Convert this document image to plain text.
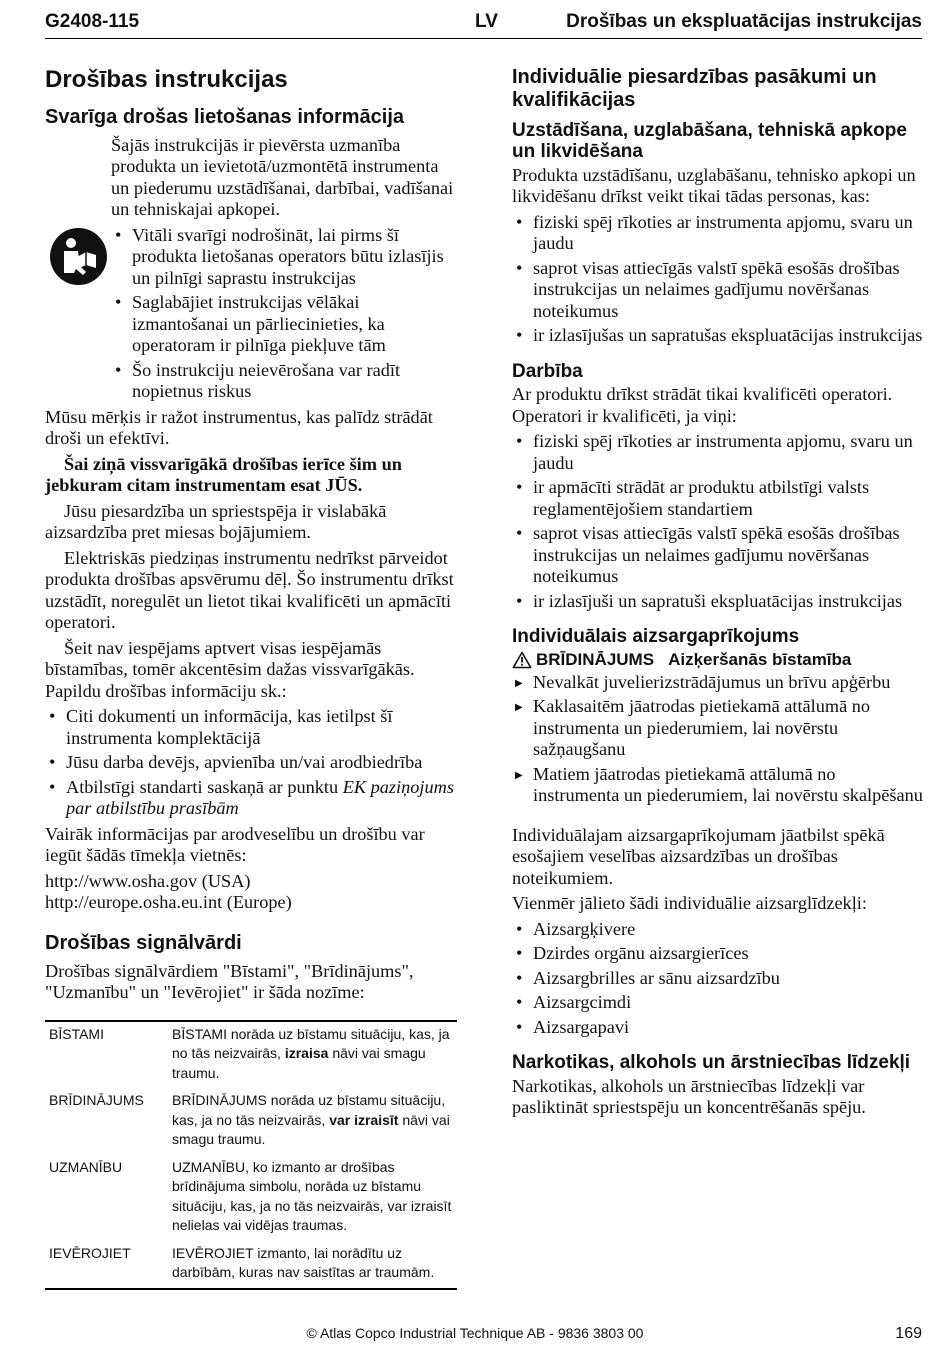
G2408-115	LV	Drošības un ekspluatācijas instrukcijas
Drošības instrukcijas
Svarīga drošas lietošanas informācija

Šajās instrukcijās ir pievērsta uzmanība produkta un ievietotā/uzmontētā instrumenta un piederumu uzstādīšanai, darbībai, vadīšanai un tehniskajai apkopei.

• Vitāli svarīgi nodrošināt, lai pirms šī produkta lietošanas operators būtu izlasījis un pilnīgi saprastu instrukcijas
• Saglabājiet instrukcijas vēlākai izmantošanai un pārliecinieties, ka operatoram ir pilnīga piekļuve tām
• Šo instrukciju neievērošana var radīt nopietnus riskus

Mūsu mērķis ir ražot instrumentus, kas palīdz strādāt droši un efektīvi.

Šai ziņā vissvarīgākā drošības ierīce šim un jebkuram citam instrumentam esat JŪS.

Jūsu piesardzība un spriestspēja ir vislabākā aizsardzība pret miesas bojājumiem.

Elektriskās piedziņas instrumentu nedrīkst pārveidot produkta drošības apsvērumu dēļ. Šo instrumentu drīkst uzstādīt, noregulēt un lietot tikai kvalificēti un apmācīti operatori.

Šeit nav iespējams aptvert visas iespējamās bīstamības, tomēr akcentēsim dažas vissvarīgākās. Papildu drošības informāciju sk.:

• Citi dokumenti un informācija, kas ietilpst šī instrumenta komplektācijā
• Jūsu darba devējs, apvienība un/vai arodbiedrība
• Atbilstīgi standarti saskaņā ar punktu EK paziņojums par atbilstību prasībām

Vairāk informācijas par arodveselību un drošību var iegūt šādās tīmekļa vietnēs:

http://www.osha.gov (USA)

http://europe.osha.eu.int (Europe)

Drošības signālvārdi

Drošības signālvārdiem "Bīstami", "Brīdinājums", "Uzmanību" un "Ievērojiet" ir šāda nozīme:

BĪSTAMI	BĪSTAMI norāda uz bīstamu situāciju, kas, ja no tās neizvairās, izraisa nāvi vai smagu traumu.
BRĪDINĀJUMS	BRĪDINĀJUMS norāda uz bīstamu situāciju, kas, ja no tās neizvairās, var izraisīt nāvi vai smagu traumu.
UZMANĪBU	UZMANĪBU, ko izmanto ar drošības brīdinājuma simbolu, norāda uz bīstamu situāciju, kas, ja no tās neizvairās, var izraisīt nelielas vai vidējas traumas.
IEVĒROJIET	IEVĒROJIET izmanto, lai norādītu uz darbībām, kuras nav saistītas ar traumām.
Individuālie piesardzības pasākumi un kvalifikācijas
Uzstādīšana, uzglabāšana, tehniskā apkope un likvidēšana

Produkta uzstādīšanu, uzglabāšanu, tehnisko apkopi un likvidēšanu drīkst veikt tikai tādas personas, kas:

• fiziski spēj rīkoties ar instrumenta apjomu, svaru un jaudu
• saprot visas attiecīgās valstī spēkā esošās drošības instrukcijas un nelaimes gadījumu novēršanas noteikumus
• ir izlasījušas un sapratušas ekspluatācijas instrukcijas
Darbība

Ar produktu drīkst strādāt tikai kvalificēti operatori. Operatori ir kvalificēti, ja viņi:

• fiziski spēj rīkoties ar instrumenta apjomu, svaru un jaudu
• ir apmācīti strādāt ar produktu atbilstīgi valsts reglamentējošiem standartiem
• saprot visas attiecīgās valstī spēkā esošās drošības instrukcijas un nelaimes gadījumu novēršanas noteikumus
• ir izlasījuši un sapratuši ekspluatācijas instrukcijas
Individuālais aizsargaprīkojums
BRĪDINĀJUMS Aizķeršanās bīstamība
▶ Nevalkāt juvelierizstrādājumus un brīvu apģērbu
▶ Kaklasaitēm jāatrodas pietiekamā attālumā no instrumenta un piederumiem, lai novērstu sažņaugšanu
▶ Matiem jāatrodas pietiekamā attālumā no instrumenta un piederumiem, lai novērstu skalpēšanu

Individuālajam aizsargaprīkojumam jāatbilst spēkā esošajiem veselības aizsardzības un drošības noteikumiem.

Vienmēr jālieto šādi individuālie aizsarglīdzekļi:

• Aizsargķivere
• Dzirdes orgānu aizsargierīces
• Aizsargbrilles ar sānu aizsardzību
• Aizsargcimdi
• Aizsargapavi
Narkotikas, alkohols un ārstniecības līdzekļi

Narkotikas, alkohols un ārstniecības līdzekļi var pasliktināt spriestspēju un koncentrēšanās spēju.

© Atlas Copco Industrial Technique AB - 9836 3803 00	169
